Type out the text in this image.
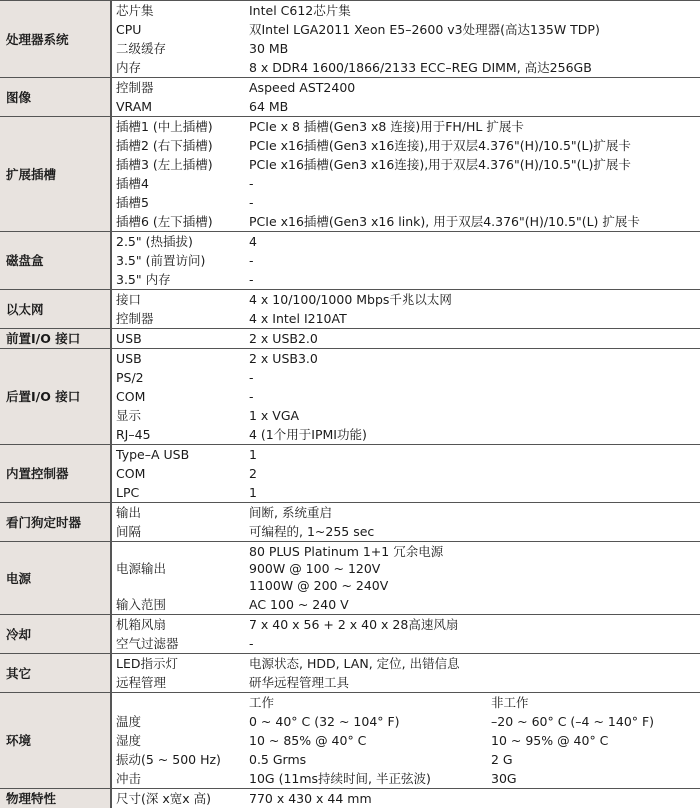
处理器系统	芯片集	Intel C612芯片集	
	CPU	双Intel LGA2011 Xeon E5–2600 v3处理器(高达135W TDP)	
	二级缓存	30 MB	
	内存	8 x DDR4 1600/1866/2133 ECC–REG DIMM, 高达256GB	
图像	控制器	Aspeed AST2400	
	VRAM	64 MB	
扩展插槽	插槽1 (中上插槽)	PCIe x 8 插槽(Gen3 x8 连接)用于FH/HL 扩展卡	
	插槽2 (右下插槽)	PCIe x16插槽(Gen3 x16连接),用于双层4.376"(H)/10.5"(L)扩展卡	
	插槽3 (左上插槽)	PCIe x16插槽(Gen3 x16连接),用于双层4.376"(H)/10.5"(L)扩展卡	
	插槽4	-	
	插槽5	-	
	插槽6 (左下插槽)	PCIe x16插槽(Gen3 x16 link), 用于双层4.376"(H)/10.5"(L) 扩展卡	
磁盘盒	2.5" (热插拔)	4	
	3.5" (前置访问)	-	
	3.5" 内存	-	
以太网	接口	4 x 10/100/1000 Mbps千兆以太网	
	控制器	4 x Intel I210AT	
前置I/O 接口	USB	2 x USB2.0	
后置I/O 接口	USB	2 x USB3.0	
	PS/2	-	
	COM	-	
	显示	1 x VGA	
	RJ–45	4 (1个用于IPMI功能)	
内置控制器	Type–A USB	1	
	COM	2	
	LPC	1	
看门狗定时器	输出	间断, 系统重启	
	间隔	可编程的, 1~255 sec	
电源	电源输出	80 PLUS Platinum 1+1 冗余电源
900W @ 100 ~ 120V
1100W @ 200 ~ 240V	

	输入范围	AC 100 ~ 240 V	
冷却	机箱风扇	7 x 40 x 56 + 2 x 40 x 28高速风扇	
	空气过滤器	-	
其它	LED指示灯	电源状态, HDD, LAN, 定位, 出错信息	
	远程管理	研华远程管理工具	
环境		工作	非工作
	温度	0 ~ 40° C (32 ~ 104° F)	–20 ~ 60° C (–4 ~ 140° F)
	湿度	10 ~ 85% @ 40° C	10 ~ 95% @ 40° C
	振动(5 ~ 500 Hz)	0.5 Grms	2 G
	冲击	10G (11ms持续时间, 半正弦波)	30G
物理特性	尺寸(深 x宽x 高)	770 x 430 x 44 mm	
